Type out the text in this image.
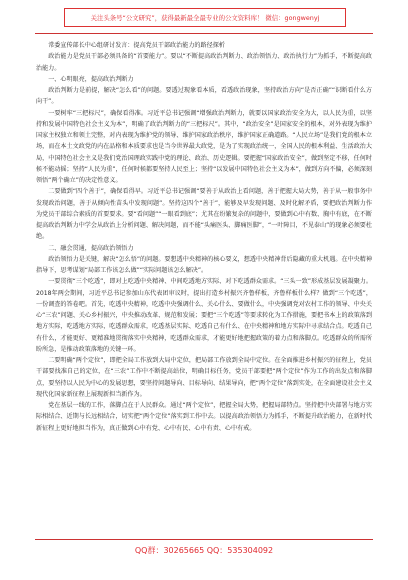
关注头条号“公文研究”，获得最新最全最专业的公文资料库！ 微信：gongwenyj

常委宣传部长中心组研讨发言：提高党员干部政治能力的路径探析

政治能力是党员干部必须具备的“首要能力”。要以“不断提高政治判断力、政治领悟力、政治执行力”为抓手，不断提高政治能力。

一、心明眼亮，提高政治判断力

政治判断力是前提，解决“怎么看”的问题。要透过现象看本质，看透政治现象，坚持政治方向“是否正确”“识断看什么方向干”。

一要树牢“三把标尺”，确保看得准。习近平总书记强调“增强政治判断力，就要以国家政治安全为大，以人民为重，以坚持和发展中国特色社会主义为本”，明确了政治判断力的“三把标尺”。其中，“政治安全”是国家安全的根本，对外表现为维护国家主权独立和领土完整，对内表现为维护党的领导、维护国家政治秩序，维护国家正确道路。“人民立场”是我们党的根本立场，而在本土文政党的内在品格和本质要求也是当今世界最大政党，是为了实现政治统一，全国人民的根本利益、生活政治大局，中国特色社会主义是我们党治国理政实践中党的理论、政治、历史逻辑。要把握“国家政治安全”，做到坚定不移，任何时候不能动摇；坚持“人民为重”，任何时候都要坚持人民至上；坚持“以发展中国特色社会主义为本”，做到方向不偏，必须深刻领悟“两个确立”的决定性意义。

二要做到“四个善于”，确保看得早。习近平总书记强调“要善于从政治上看问题，善于把握大局大势，善于从一般事务中发现政治问题，善于从倾向性苗头中发现问题”。坚持这四个“善于”，能够及早发现问题、及时化解矛盾，要把政治判断力作为党员干部综合素质的首要要求。要“看问题”“一眼看到底”；尤其在纷繁复杂的问题中，要做到心中有数、胸中有底，在不断提高政治判断力中学会从政治上分析问题、解决问题，而不能“头痛医头、脚痛医脚”，“一叶障目，不见泰山”的现象必须要杜绝。

二、融会贯通，提高政治领悟力

政治领悟力是关键，解决“怎么悟”的问题。要想透中央精神的核心要义，想透中央精神背后隐藏的重大机遇。在中央精神指导下，思考谋划“局部工作该怎么做”“实际问题该怎么解决”。

一要贯彻“三个吃透”，即对上吃透中央精神、中间吃透地方实际、对下吃透群众需求。“三头一致”形成基层发展凝聚力。2018年两会期间，习近平总书记参加山东代表团审议时，提出打造乡村振兴齐鲁样板，齐鲁样板什么样？做到“三个吃透”，一份调查的答卷吧。首先，吃透中央精神，吃透中央强调什么、关心什么、要做什么，中央强调党对农村工作的领导、中央关心“三农”问题、关心乡村振兴，中央推动改革、规范和发展；要把“三个吃透”等要求转化为工作措施，要把书本上的政策落到地方实际，吃透地方实际，吃透群众需求，吃透基层实际、吃透自己有什么、在中央精神和地方实际中寻求结合点。吃透自己有什么，才能更好、更精准地贯彻落实中央精神，吃透群众需求，才能更好地把握政策的着力点和落脚点。吃透群众的所需所盼所急，是推动政策落地的关键一环。

二要明确“两个定位”，即把全局工作放到大局中定位，把局部工作放到全局中定位。在全面推进乡村振兴的征程上，党员干部要找准自己的定位，在“三农”工作中不断提高站位，明确目标任务，党员干部要把“两个定位”作为工作的出发点和落脚点，要坚持以人民为中心的发展思想，要坚持问题导向、目标导向、结果导向，把“两个定位”落到实处，在全面建设社会主义现代化国家新征程上展现新担当新作为。

党在基层一线的工作，落脚点在于人民群众。通过“两个定位”，把握全局大势，把握局部特点。坚持把中央部署与地方实际相结合、近期与长远相结合，切实把“两个定位”落实到工作中去。以提高政治领悟力为抓手，不断提升政治能力，在新时代新征程上更好地担当作为，真正做到心中有党、心中有民、心中有责、心中有戒。

QQ群：30265665 QQ：535304092
